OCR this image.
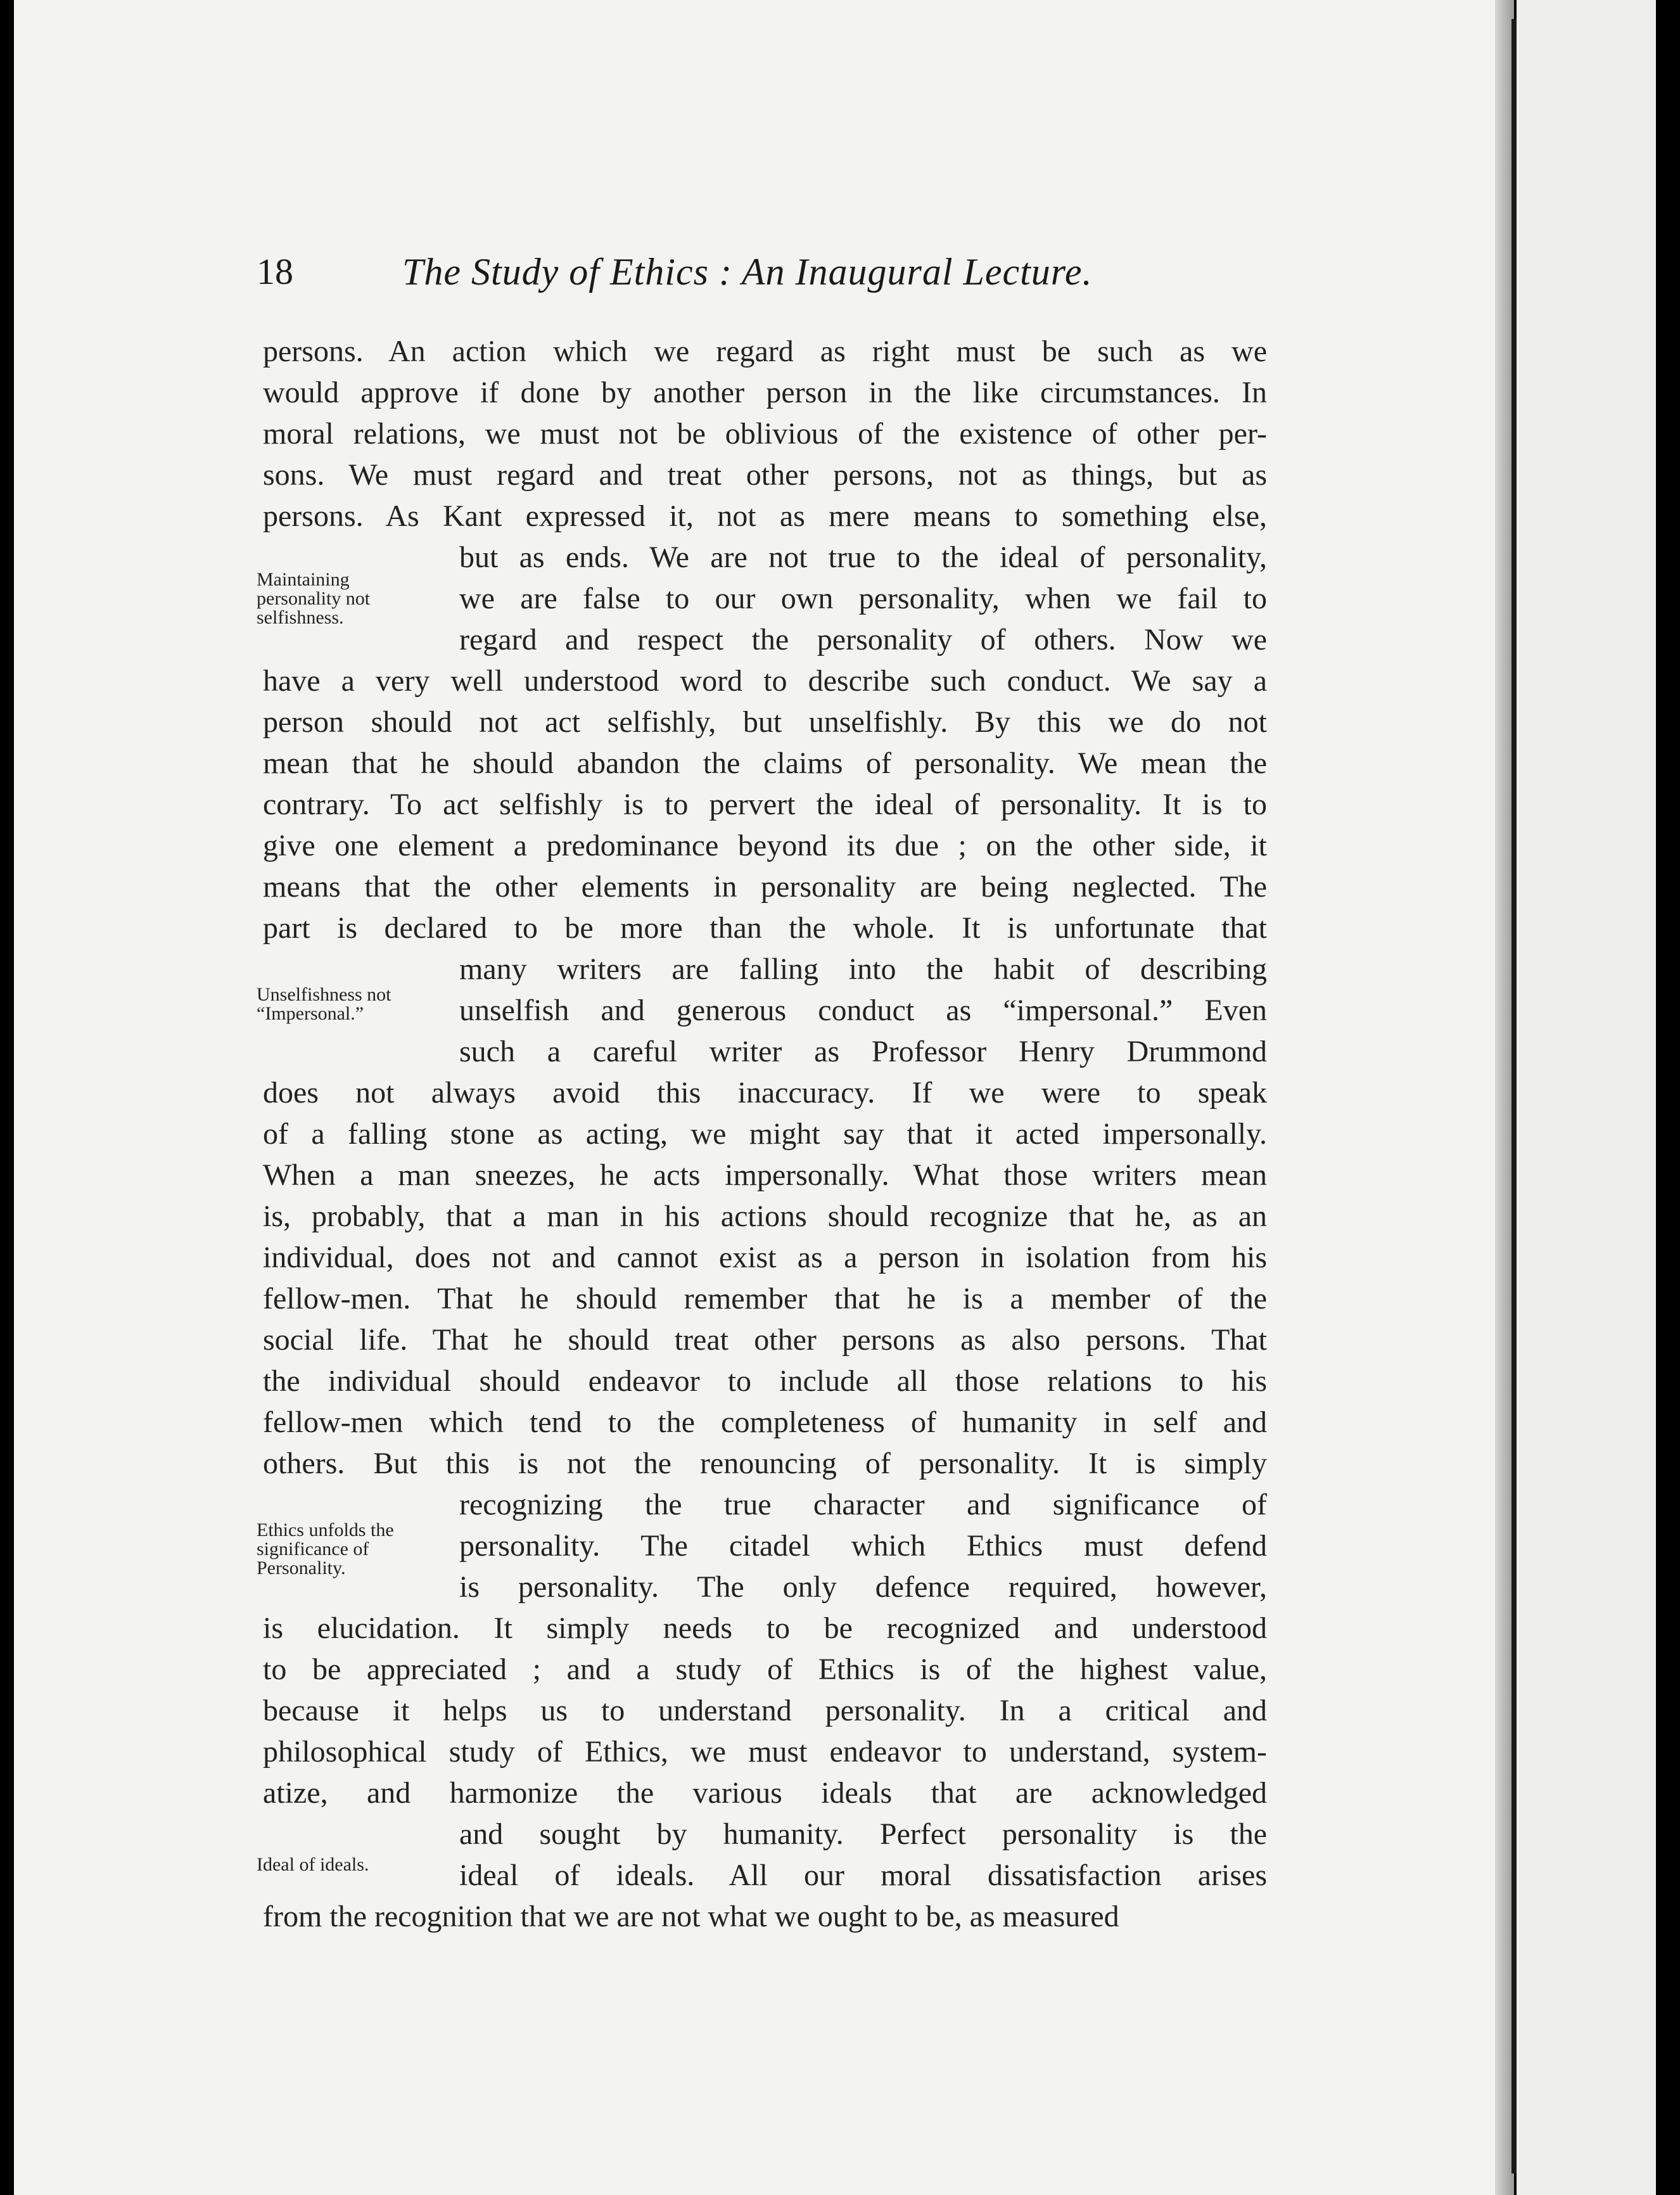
18	The Study of Ethics : An Inaugural Lecture.
Maintaining personality not selfishness.
Unselfishness not “Impersonal.”
Ethics unfolds the significance of Personality.
Ideal of ideals.
persons. An action which we regard as right must be such as we
would approve if done by another person in the like circumstances. In
moral relations, we must not be oblivious of the existence of other per-
sons. We must regard and treat other persons, not as things, but as
persons. As Kant expressed it, not as mere means to something else,
but as ends. We are not true to the ideal of personality,
we are false to our own personality, when we fail to
regard and respect the personality of others. Now we
have a very well understood word to describe such conduct. We say a
person should not act selfishly, but unselfishly. By this we do not
mean that he should abandon the claims of personality. We mean the
contrary. To act selfishly is to pervert the ideal of personality. It is to
give one element a predominance beyond its due ; on the other side, it
means that the other elements in personality are being neglected. The
part is declared to be more than the whole. It is unfortunate that
many writers are falling into the habit of describing
unselfish and generous conduct as “impersonal.” Even
such a careful writer as Professor Henry Drummond
does not always avoid this inaccuracy. If we were to speak
of a falling stone as acting, we might say that it acted impersonally.
When a man sneezes, he acts impersonally. What those writers mean
is, probably, that a man in his actions should recognize that he, as an
individual, does not and cannot exist as a person in isolation from his
fellow-men. That he should remember that he is a member of the
social life. That he should treat other persons as also persons. That
the individual should endeavor to include all those relations to his
fellow-men which tend to the completeness of humanity in self and
others. But this is not the renouncing of personality. It is simply
recognizing the true character and significance of
personality. The citadel which Ethics must defend
is personality. The only defence required, however,
is elucidation. It simply needs to be recognized and understood
to be appreciated ; and a study of Ethics is of the highest value,
because it helps us to understand personality. In a critical and
philosophical study of Ethics, we must endeavor to understand, system-
atize, and harmonize the various ideals that are acknowledged
and sought by humanity. Perfect personality is the
ideal of ideals. All our moral dissatisfaction arises
from the recognition that we are not what we ought to be, as measured
